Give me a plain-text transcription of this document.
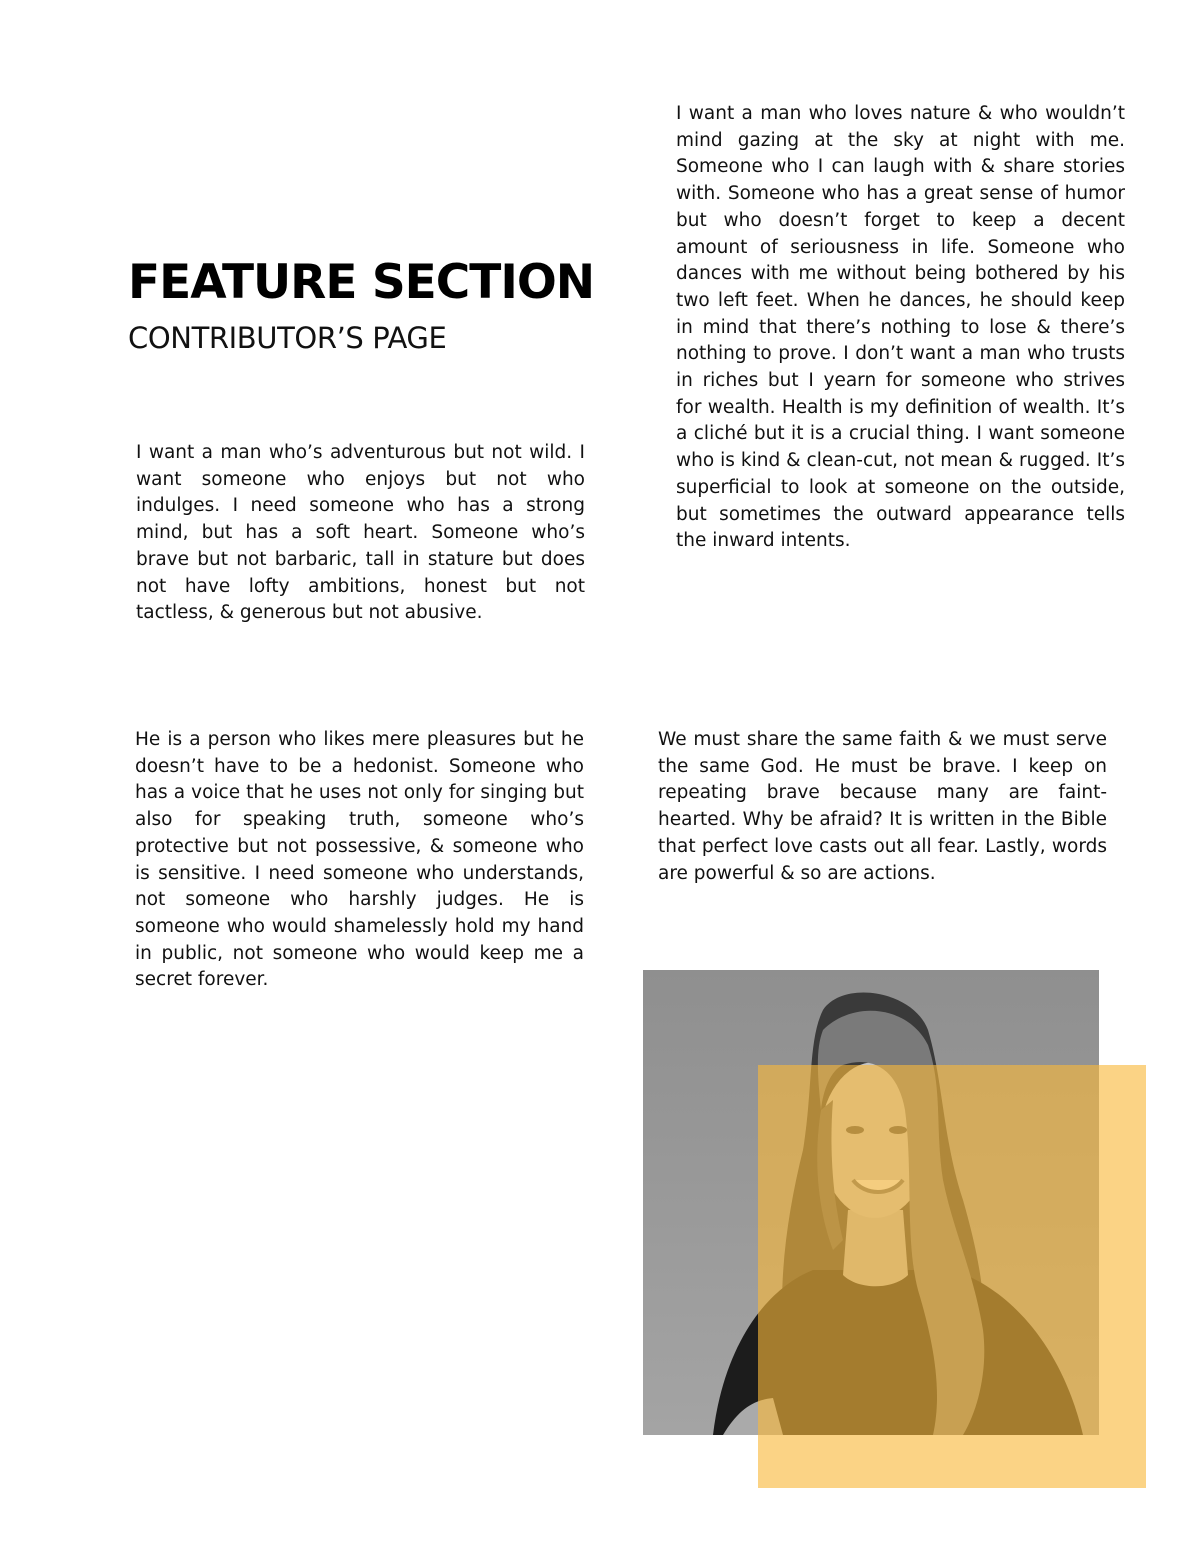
FEATURE SECTION
CONTRIBUTOR’S PAGE

I want a man who loves nature & who wouldn’t mind gazing at the sky at night with me. Someone who I can laugh with & share stories with. Someone who has a great sense of humor but who doesn’t forget to keep a decent amount of seriousness in life. Someone who dances with me without being bothered by his two left feet. When he dances, he should keep in mind that there’s nothing to lose & there’s nothing to prove. I don’t want a man who trusts in riches but I yearn for someone who strives for wealth. Health is my definition of wealth. It’s a cliché but it is a crucial thing. I want someone who is kind & clean-cut, not mean & rugged. It’s superficial to look at someone on the outside, but sometimes the outward appearance tells the inward intents.

I want a man who’s adventurous but not wild. I want someone who enjoys but not who indulges. I need someone who has a strong mind, but has a soft heart. Someone who’s brave but not barbaric, tall in stature but does not have lofty ambitions, honest but not tactless, & generous but not abusive.

He is a person who likes mere pleasures but he doesn’t have to be a hedonist. Someone who has a voice that he uses not only for singing but also for speaking truth, someone who’s protective but not possessive, & someone who is sensitive. I need someone who understands, not someone who harshly judges. He is someone who would shamelessly hold my hand in public, not someone who would keep me a secret forever.

We must share the same faith & we must serve the same God. He must be brave. I keep on repeating brave because many are faint-hearted. Why be afraid? It is written in the Bible that perfect love casts out all fear. Lastly, words are powerful & so are actions.
